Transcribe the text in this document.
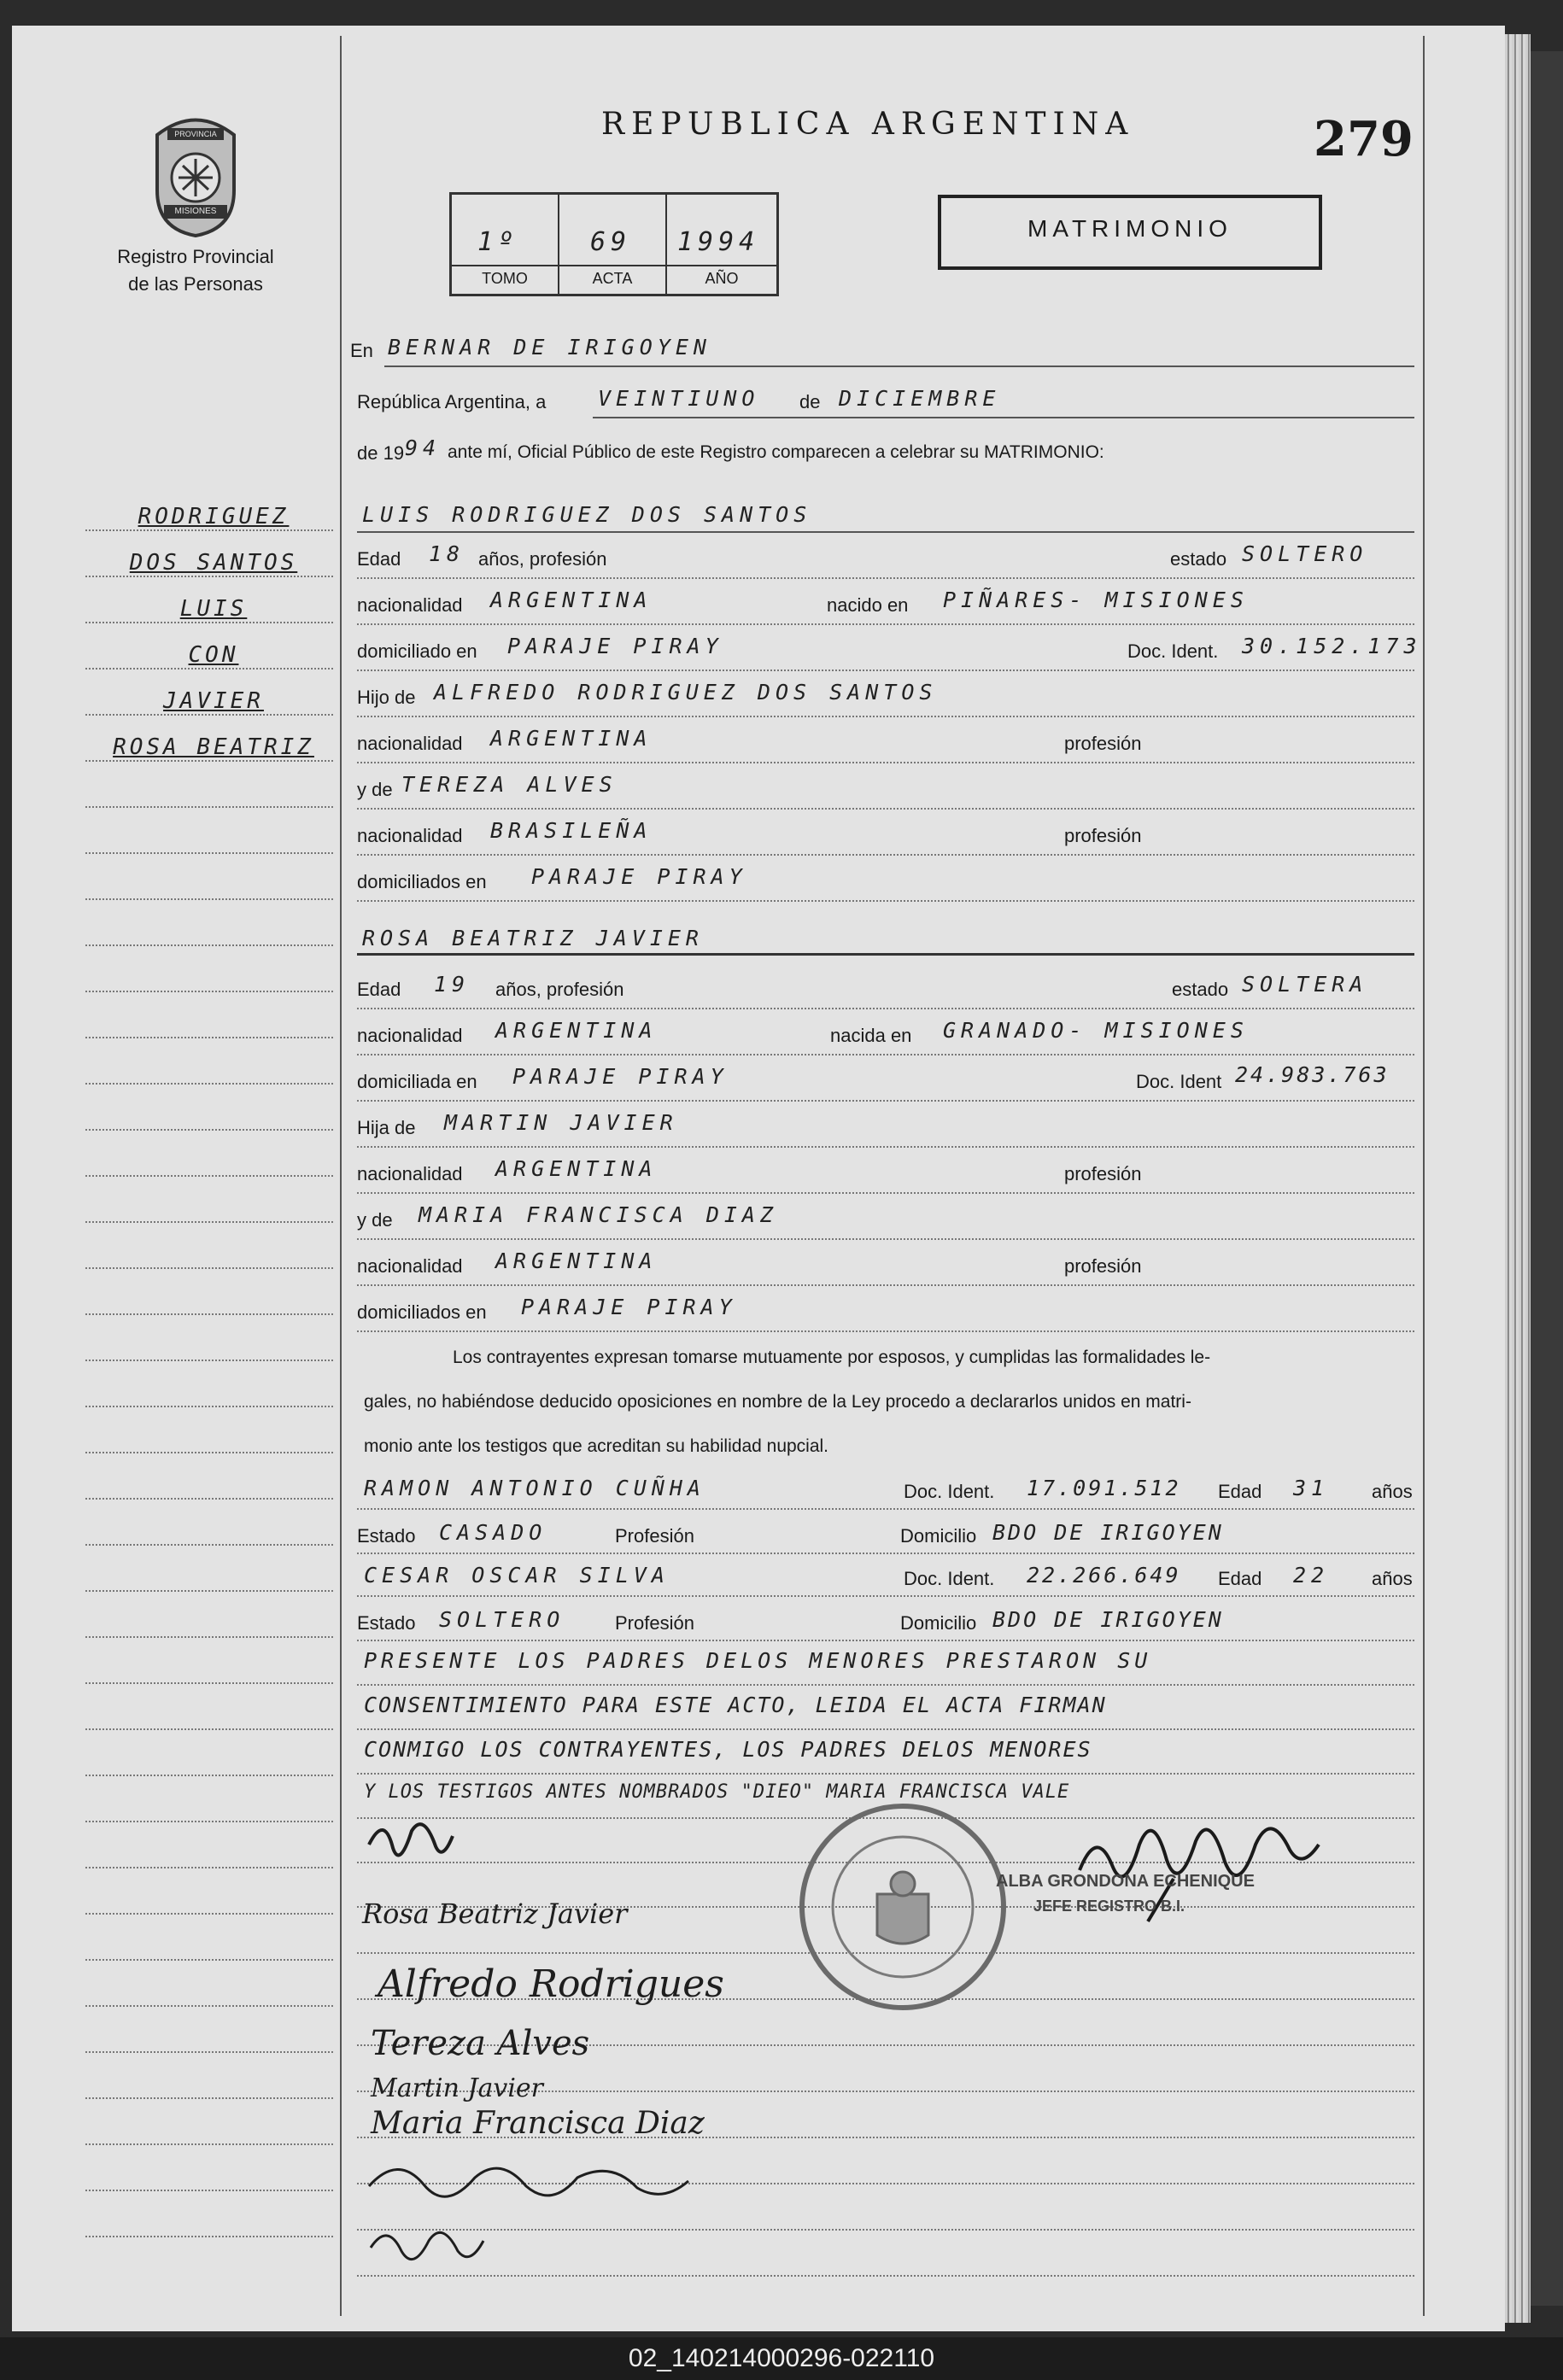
PROVINCIA
MISIONES
Registro Provincial
de las Personas
REPUBLICA ARGENTINA	279
1º	69 1994
TOMO	ACTA	AÑO
MATRIMONIO
RODRIGUEZ
DOS SANTOS
LUIS
CON
JAVIER
ROSA BEATRIZ
En BERNAR DE IRIGOYEN
República Argentina, a VEINTIUNO de DICIEMBRE
de 19 94 ante mí, Oficial Público de este Registro comparecen a celebrar su MATRIMONIO:
LUIS RODRIGUEZ DOS SANTOS
Edad 18 años, profesión	estado SOLTERO
nacionalidad ARGENTINA	nacido en PIÑARES- MISIONES
domiciliado en PARAJE PIRAY	Doc. Ident. 30.152.173
Hijo de ALFREDO RODRIGUEZ DOS SANTOS
nacionalidad ARGENTINA	profesión
y de TEREZA ALVES
nacionalidad BRASILEÑA	profesión
domiciliados en PARAJE PIRAY
ROSA BEATRIZ JAVIER
Edad 19 años, profesión	estado SOLTERA
nacionalidad ARGENTINA	nacida en GRANADO- MISIONES
domiciliada en PARAJE PIRAY	Doc. Ident 24.983.763
Hija de MARTIN JAVIER
nacionalidad ARGENTINA	profesión
y de MARIA FRANCISCA DIAZ
nacionalidad ARGENTINA	profesión
domiciliados en PARAJE PIRAY
Los contrayentes expresan tomarse mutuamente por esposos, y cumplidas las formalidades le-
gales, no habiéndose deducido oposiciones en nombre de la Ley procedo a declararlos unidos en matri-
monio ante los testigos que acreditan su habilidad nupcial.
RAMON ANTONIO CUÑHA	Doc. Ident. 17.091.512 Edad 31 años
Estado CASADO	Profesión	Domicilio BDO DE IRIGOYEN
CESAR OSCAR SILVA	Doc. Ident. 22.266.649 Edad 22 años
Estado SOLTERO	Profesión	Domicilio BDO DE IRIGOYEN
PRESENTE LOS PADRES DELOS MENORES PRESTARON SU
CONSENTIMIENTO PARA ESTE ACTO, LEIDA EL ACTA FIRMAN
CONMIGO LOS CONTRAYENTES, LOS PADRES DELOS MENORES
Y LOS TESTIGOS ANTES NOMBRADOS "DIEO" MARIA FRANCISCA VALE
Rosa Beatriz Javier
Alfredo Rodrigues
Tereza Alves
Martin Javier
Maria Francisca Diaz
ALBA GRONDONA ECHENIQUE
JEFE REGISTRO B.I.
02_140214000296-022110
